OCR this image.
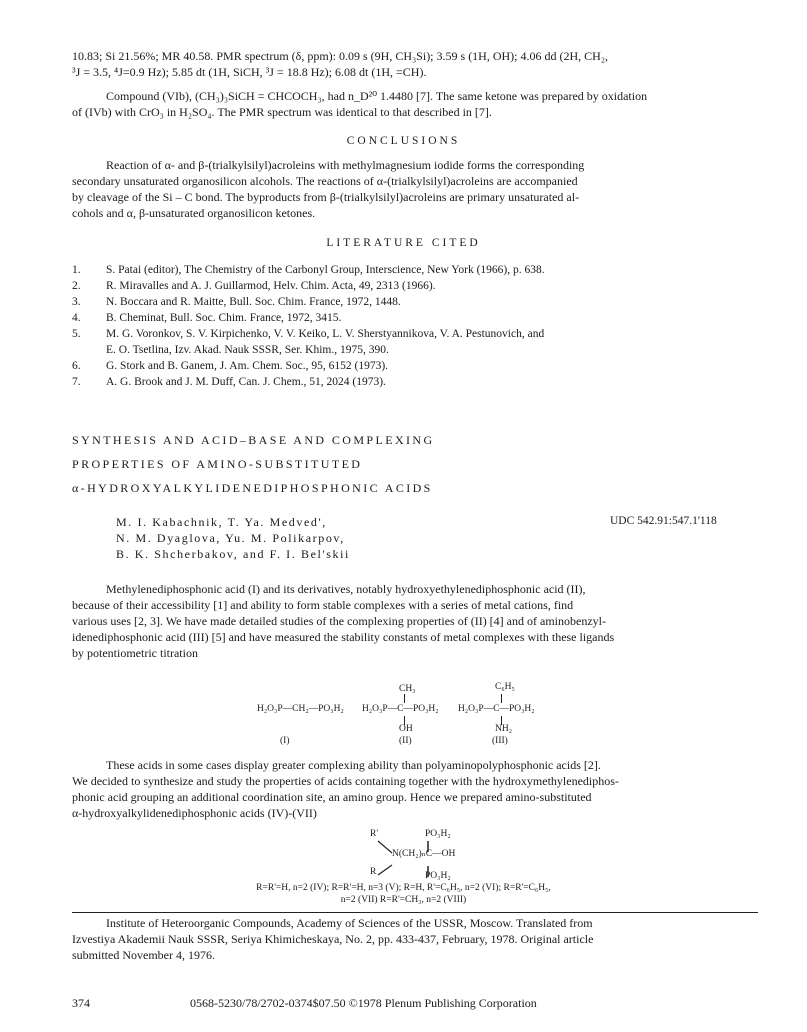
10.83; Si 21.56%; MR 40.58. PMR spectrum (δ, ppm): 0.09 s (9H, CH₃Si); 3.59 s (1H, OH); 4.06 dd (2H, CH₂,

³J = 3.5, ⁴J=0.9 Hz); 5.85 dt (1H, SiCH, ³J = 18.8 Hz); 6.08 dt (1H, =CH).

Compound (VIb), (CH₃)₃SiCH = CHCOCH₃, had n_D²⁰ 1.4480 [7]. The same ketone was prepared by oxidation

of (IVb) with CrO₃ in H₂SO₄. The PMR spectrum was identical to that described in [7].

CONCLUSIONS

Reaction of α- and β-(trialkylsilyl)acroleins with methylmagnesium iodide forms the corresponding

secondary unsaturated organosilicon alcohols. The reactions of α-(trialkylsilyl)acroleins are accompanied

by cleavage of the Si – C bond. The byproducts from β-(trialkylsilyl)acroleins are primary unsaturated al-

cohols and α, β-unsaturated organosilicon ketones.

LITERATURE CITED
1.	S. Patai (editor), The Chemistry of the Carbonyl Group, Interscience, New York (1966), p. 638.
2.	R. Miravalles and A. J. Guillarmod, Helv. Chim. Acta, 49, 2313 (1966).
3.	N. Boccara and R. Maitte, Bull. Soc. Chim. France, 1972, 1448.
4.	B. Cheminat, Bull. Soc. Chim. France, 1972, 3415.
5.	M. G. Voronkov, S. V. Kirpichenko, V. V. Keiko, L. V. Sherstyannikova, V. A. Pestunovich, and
E. O. Tsetlina, Izv. Akad. Nauk SSSR, Ser. Khim., 1975, 390.
6.	G. Stork and B. Ganem, J. Am. Chem. Soc., 95, 6152 (1973).
7.	A. G. Brook and J. M. Duff, Can. J. Chem., 51, 2024 (1973).
SYNTHESIS AND ACID–BASE AND COMPLEXING
PROPERTIES OF AMINO-SUBSTITUTED
α-HYDROXYALKYLIDENEDIPHOSPHONIC ACIDS
M. I. Kabachnik, T. Ya. Medved',
N. M. Dyaglova, Yu. M. Polikarpov,
B. K. Shcherbakov, and F. I. Bel'skii
UDC 542.91:547.1'118

Methylenediphosphonic acid (I) and its derivatives, notably hydroxyethylenediphosphonic acid (II),

because of their accessibility [1] and ability to form stable complexes with a series of metal cations, find

various uses [2, 3]. We have made detailed studies of the complexing properties of (II) [4] and of aminobenzyl-

idenediphosphonic acid (III) [5] and have measured the stability constants of metal complexes with these ligands

by potentiometric titration

H₂O₃P—CH₂—PO₃H₂
CH₃
H₂O₃P—C—PO₃H₂
OH
C₆H₅
H₂O₃P—C—PO₃H₂
NH₂
(I)	(II)	(III)

These acids in some cases display greater complexing ability than polyaminopolyphosphonic acids [2].

We decided to synthesize and study the properties of acids containing together with the hydroxymethylenediphos-

phonic acid grouping an additional coordination site, an amino group. Hence we prepared amino-substituted

α-hydroxyalkylidenediphosphonic acids (IV)-(VII)

R'	PO₃H₂
N(CH₂)ₙC—OH
R	PO₃H₂
R=R'=H, n=2 (IV); R=R'=H, n=3 (V); R=H, R'=C₆H₅, n=2 (VI); R=R'=C₆H₅,
n=2 (VII) R=R'=CH₃, n=2 (VIII)

Institute of Heteroorganic Compounds, Academy of Sciences of the USSR, Moscow. Translated from

Izvestiya Akademii Nauk SSSR, Seriya Khimicheskaya, No. 2, pp. 433-437, February, 1978. Original article

submitted November 4, 1976.

374	0568-5230/78/2702-0374$07.50 ©1978 Plenum Publishing Corporation
